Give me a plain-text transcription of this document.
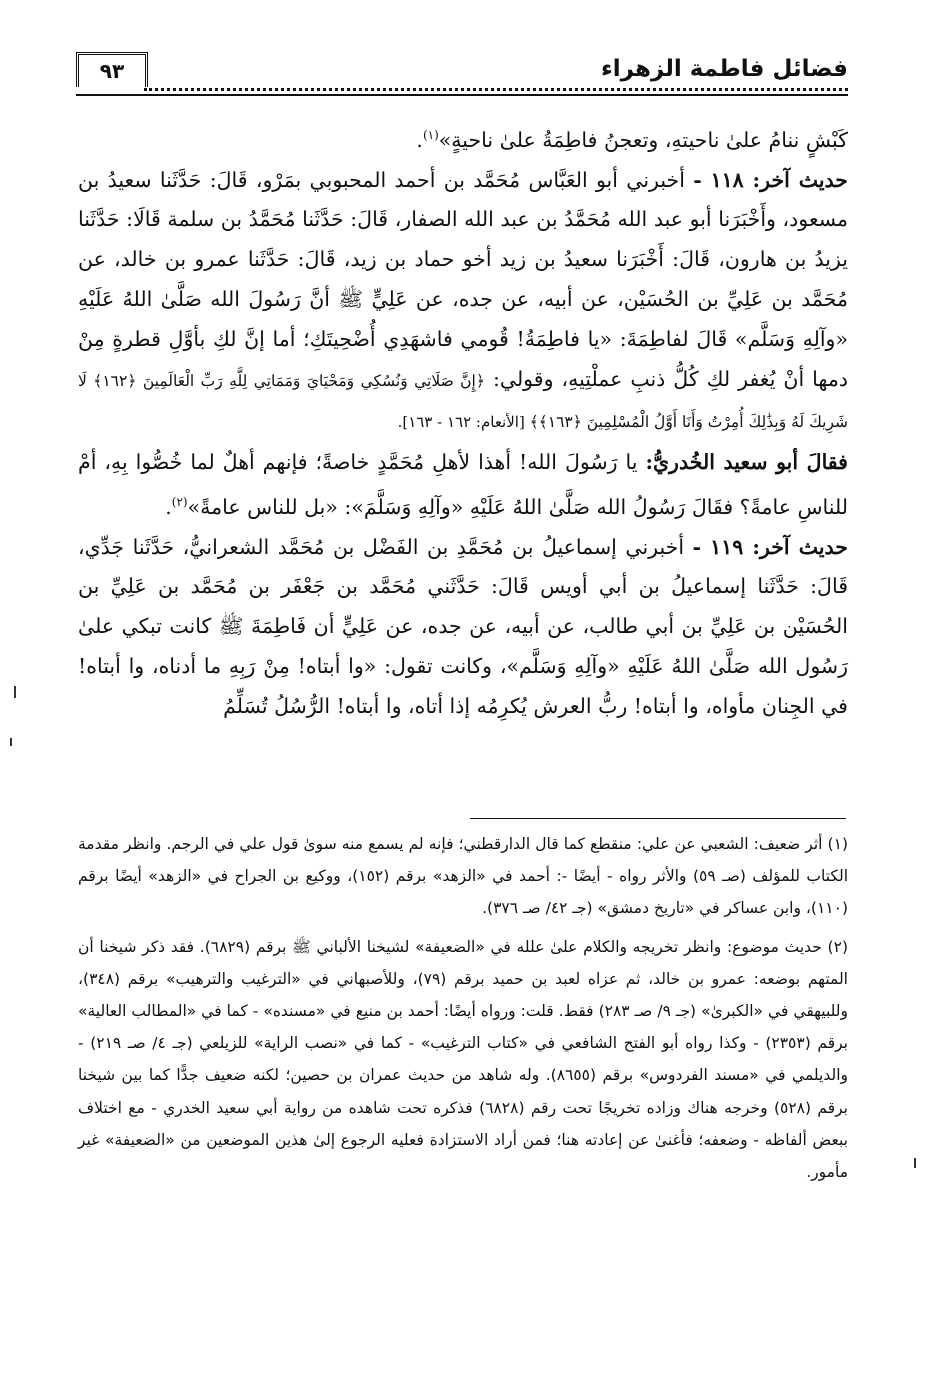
٩٣	فضائل فاطمة الزهراء

كَبْشٍ ننامُ علىٰ ناحيتهِ، وتعجنُ فاطِمَةُ علىٰ ناحيةٍ»$^{(١)}$.

حديث آخر: ١١٨ - أخبرني أبو العَبَّاس مُحَمَّد بن أحمد المحبوبي بمَرْو، قَالَ: حَدَّثَنا سعيدُ بن مسعود، وأَخْبَرَنا أبو عبد الله مُحَمَّدُ بن عبد الله الصفار، قَالَ: حَدَّثَنا مُحَمَّدُ بن سلمة قَالَا: حَدَّثَنا يزيدُ بن هارون، قَالَ: أَخْبَرَنا سعيدُ بن زيد أخو حماد بن زيد، قَالَ: حَدَّثَنا عمرو بن خالد، عن مُحَمَّد بن عَلِيِّ بن الحُسَيْن، عن أبيه، عن جده، عن عَلِيٍّ ﷺ أنَّ رَسُولَ الله صَلَّىٰ اللهُ عَلَيْهِ «وآلِهِ وَسَلَّم» قَالَ لفاطِمَةَ: «يا فاطِمَةُ! قُومي فاشهَدِي أُضْحِيتَكِ؛ أما إنَّ لكِ بأوَّلِ قطرةٍ مِنْ دمها أنْ يُغفر لكِ كُلُّ ذنبِ عملْتِيهِ، وقولي: ﴿إِنَّ صَلَاتِي وَنُسُكِي وَمَحْيَايَ وَمَمَاتِي لِلَّهِ رَبِّ الْعَالَمِينَ ﴿١٦٢﴾ لَا شَرِيكَ لَهُ وَبِذَٰلِكَ أُمِرْتُ وَأَنَا أَوَّلُ الْمُسْلِمِينَ ﴿١٦٣﴾﴾ [الأنعام: ١٦٢ - ١٦٣].

فقالَ أبو سعيد الخُدريُّ: يا رَسُولَ الله! أهذا لأهلِ مُحَمَّدٍ خاصةً؛ فإنهم أهلٌ لما خُصُّوا بِهِ، أمْ للناسِ عامةً؟ فقَالَ رَسُولُ الله صَلَّىٰ اللهُ عَلَيْهِ «وآلِهِ وَسَلَّمَ»: «بل للناس عامةً»$^{(٢)}$.

حديث آخر: ١١٩ - أخبرني إسماعيلُ بن مُحَمَّدِ بن الفَضْل بن مُحَمَّد الشعرانيُّ، حَدَّثَنا جَدِّي، قَالَ: حَدَّثَنا إسماعيلُ بن أبي أويس قَالَ: حَدَّثَني مُحَمَّد بن جَعْفَر بن مُحَمَّد بن عَلِيِّ بن الحُسَيْن بن عَلِيِّ بن أبي طالب، عن أبيه، عن جده، عن عَلِيٍّ أن فَاطِمَةَ ﷺ كانت تبكي علىٰ رَسُول الله صَلَّىٰ اللهُ عَلَيْهِ «وآلِهِ وَسَلَّم»، وكانت تقول: «وا أبتاه! مِنْ رَبِهِ ما أدناه، وا أبتاه! في الجِنان مأواه، وا أبتاه! ربُّ العرش يُكرِمُه إذا أتاه، وا أبتاه! الرُّسُلُ تُسَلِّمُ

(١) أثر ضعيف: الشعبي عن علي: منقطع كما قال الدارقطني؛ فإنه لم يسمع منه سوىٰ قول علي في الرجم. وانظر مقدمة الكتاب للمؤلف (صـ ٥٩) والأثر رواه - أيضًا -: أحمد في «الزهد» برقم (١٥٢)، ووكيع بن الجراح في «الزهد» أيضًا برقم (١١٠)، وابن عساكر في «تاريخ دمشق» (جـ ٤٢/ صـ ٣٧٦).

(٢) حديث موضوع: وانظر تخريجه والكلام علىٰ علله في «الضعيفة» لشيخنا الألباني ﷺ برقم (٦٨٢٩). فقد ذكر شيخنا أن المتهم بوضعه: عمرو بن خالد، ثم عزاه لعبد بن حميد برقم (٧٩)، وللأصبهاني في «الترغيب والترهيب» برقم (٣٤٨)، وللبيهقي في «الكبرىٰ» (جـ ٩/ صـ ٢٨٣) فقط. قلت: ورواه أيضًا: أحمد بن منيع في «مسنده» - كما في «المطالب العالية» برقم (٢٣٥٣) - وكذا رواه أبو الفتح الشافعي في «كتاب الترغيب» - كما في «نصب الراية» للزيلعي (جـ ٤/ صـ ٢١٩) - والديلمي في «مسند الفردوس» برقم (٨٦٥٥). وله شاهد من حديث عمران بن حصين؛ لكنه ضعيف جدًّا كما بين شيخنا برقم (٥٢٨) وخرجه هناك وزاده تخريجًا تحت رقم (٦٨٢٨) فذكره تحت شاهده من رواية أبي سعيد الخدري - مع اختلاف ببعض ألفاظه - وضعفه؛ فأغنىٰ عن إعادته هنا؛ فمن أراد الاستزادة فعليه الرجوع إلىٰ هذين الموضعين من «الضعيفة» غير مأمور.
